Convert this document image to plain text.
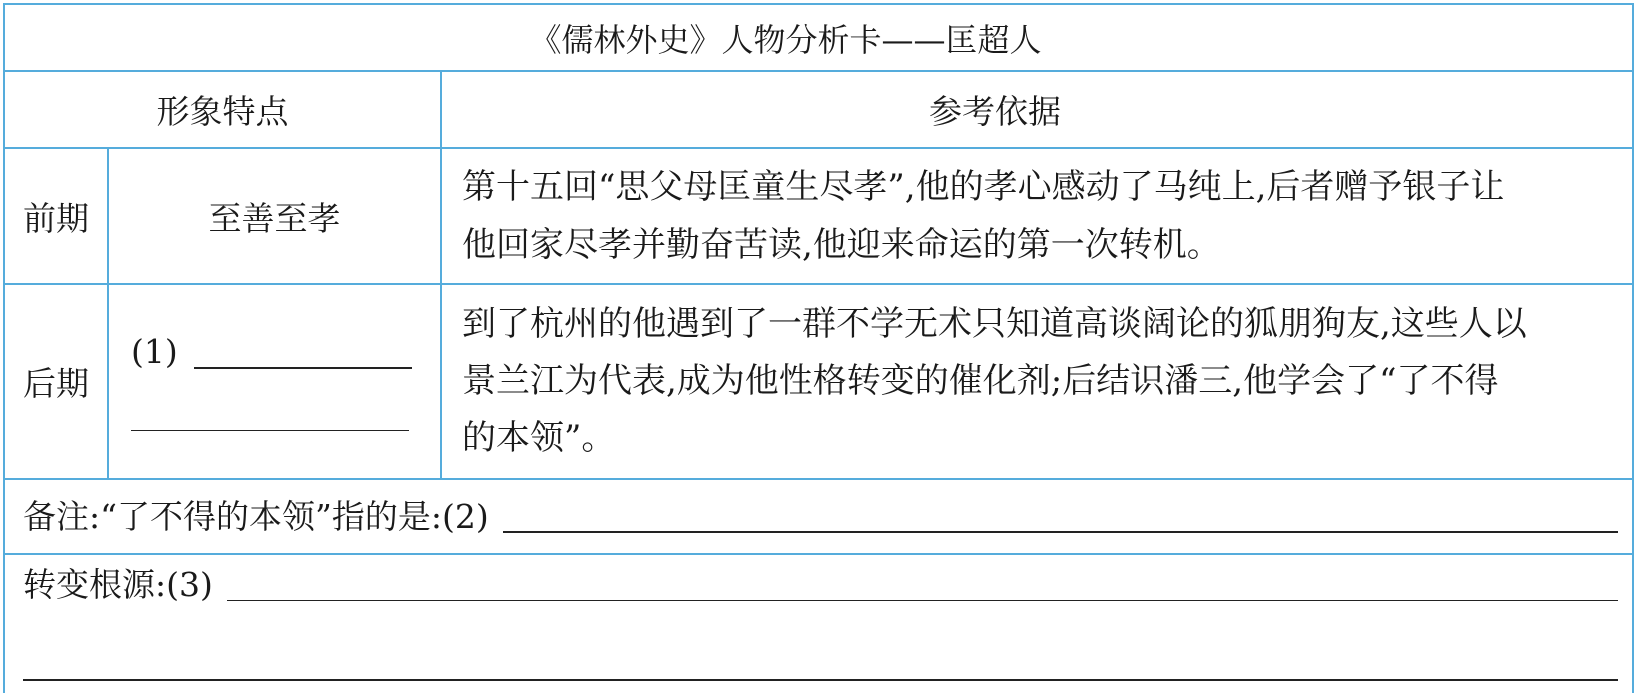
《儒林外史》人物分析卡——匡超人		
形象特点		参考依据
前期	至善至孝	第十五回“思父母匡童生尽孝”,他的孝心感动了马纯上,后者赠予银子让
他回家尽孝并勤奋苦读,他迎来命运的第一次转机。

后期	(1)	到了杭州的他遇到了一群不学无术只知道高谈阔论的狐朋狗友,这些人以
景兰江为代表,成为他性格转变的催化剂;后结识潘三,他学会了“了不得
的本领”。

备注:“了不得的本领”指的是:(2)		

转变根源:(3)		
